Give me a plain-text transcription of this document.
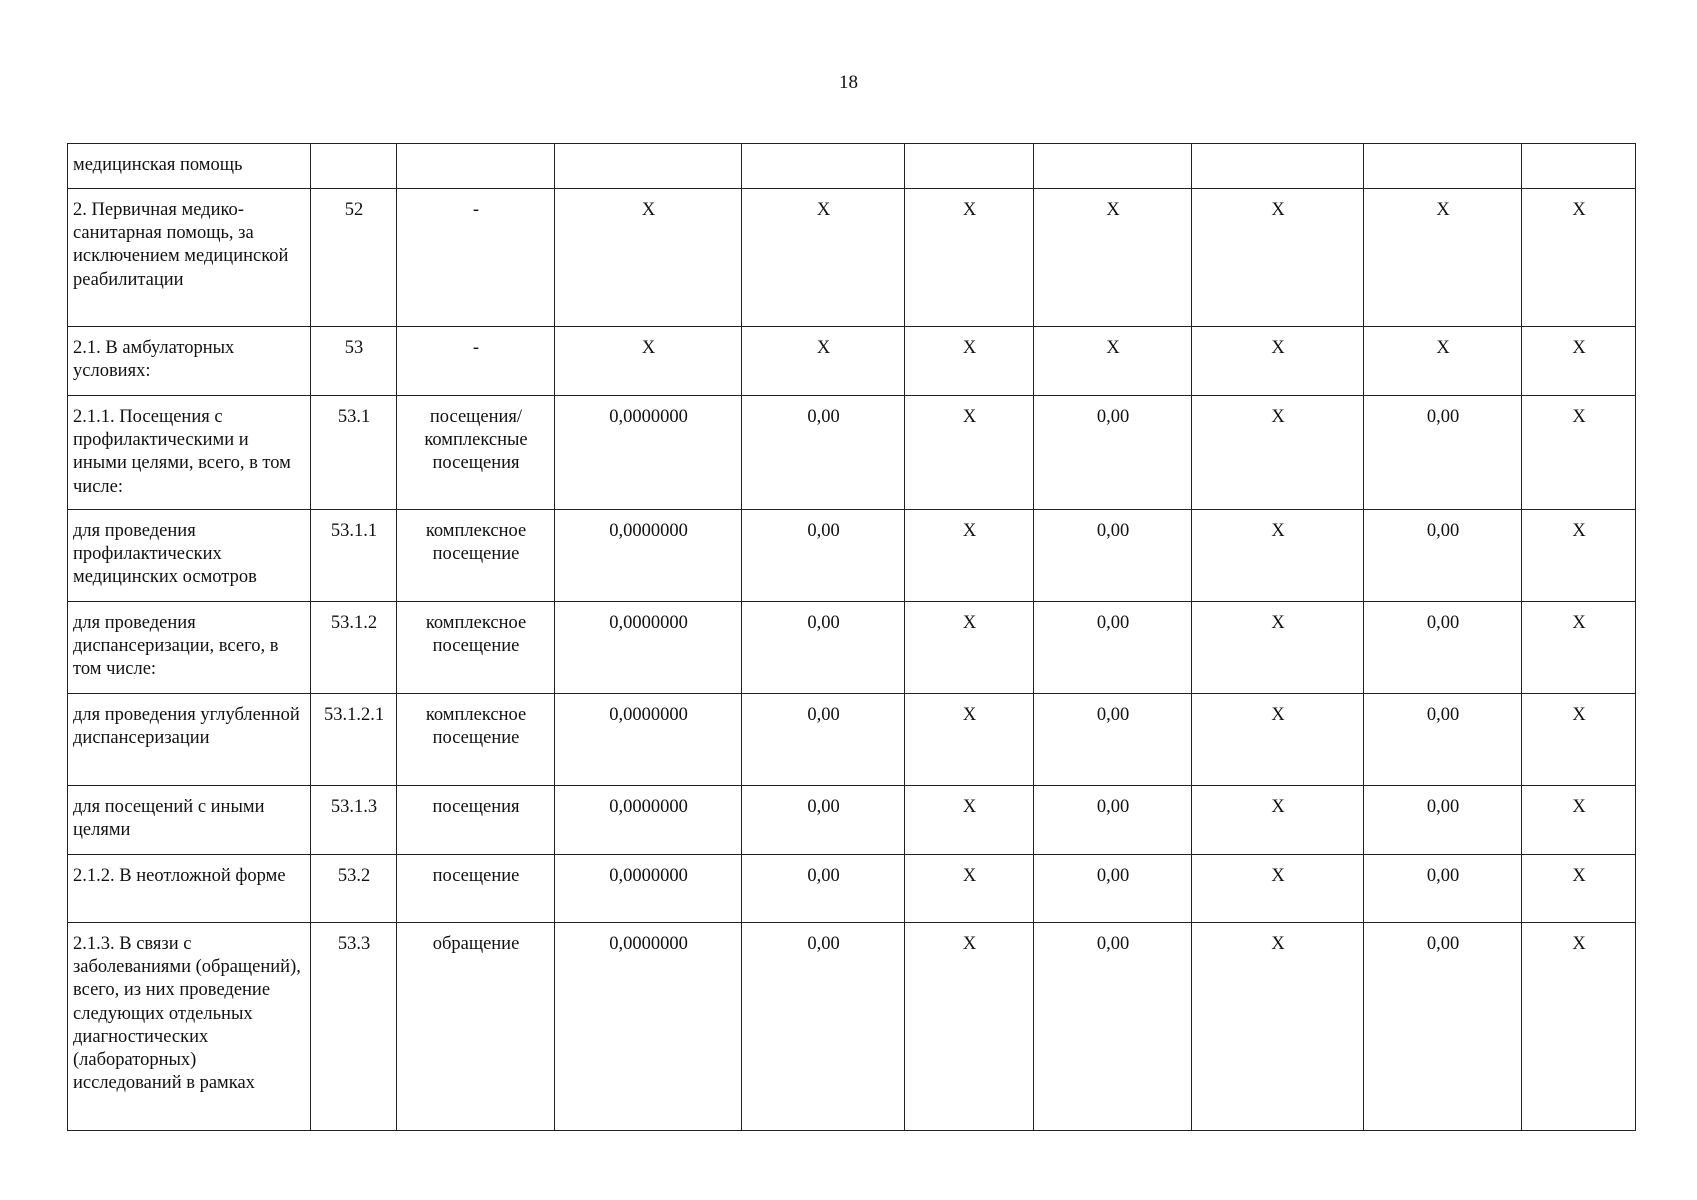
18
медицинская помощь									
2. Первичная медико-санитарная помощь, за исключением медицинской реабилитации	52	-	Х	Х	Х	Х	Х	Х	Х
2.1. В амбулаторных условиях:	53	-	Х	Х	Х	Х	Х	Х	Х
2.1.1. Посещения с профилактическими и иными целями, всего, в том числе:	53.1	посещения/комплексные посещения	0,0000000	0,00	Х	0,00	Х	0,00	Х
для проведения профилактических медицинских осмотров	53.1.1	комплексное посещение	0,0000000	0,00	Х	0,00	Х	0,00	Х
для проведения диспансеризации, всего, в том числе:	53.1.2	комплексное посещение	0,0000000	0,00	Х	0,00	Х	0,00	Х
для проведения углубленной диспансеризации	53.1.2.1	комплексное посещение	0,0000000	0,00	Х	0,00	Х	0,00	Х
для посещений с иными целями	53.1.3	посещения	0,0000000	0,00	Х	0,00	Х	0,00	Х
2.1.2. В неотложной форме	53.2	посещение	0,0000000	0,00	Х	0,00	Х	0,00	Х
2.1.3. В связи с заболеваниями (обращений), всего, из них проведение следующих отдельных диагностических (лабораторных) исследований в рамках	53.3	обращение	0,0000000	0,00	Х	0,00	Х	0,00	Х
